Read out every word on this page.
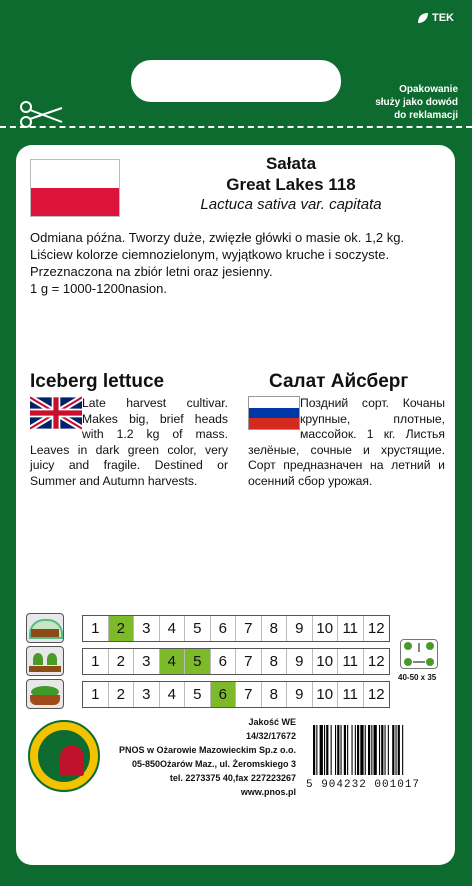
TEK
Opakowanie
służy jako dowód
do reklamacji
Sałata
Great Lakes 118
Lactuca sativa var. capitata
Odmiana późna. Tworzy duże, zwięzłe główki o masie ok. 1,2 kg. Liściew kolorze ciemnozielonym, wyjątkowo kruche i soczyste. Przeznaczona na zbiór letni oraz jesienny.
1 g = 1000-1200nasion.
Iceberg lettuce	Салат Айсберг
Late harvest cultivar. Makes big, brief heads with 1.2 kg of mass. Leaves in dark green color, very juicy and fragile. Destined or Summer and Autumn harvests.
Поздний сорт. Кочаны крупные, плотные, массойок. 1 кг. Листья зелёные, сочные и хрустящие. Сорт предназначен на летний и осенний сбор урожая.
1	2	3	4	5	6	7	8	9 10 11 12
1	2	3	4	5	6	7	8	9 10 11 12
1	2	3	4	5	6	7	8	9 10 11 12
40-50 x 35
Jakość WE
14/32/17672
PNOS w Ożarowie Mazowieckim Sp.z o.o.
05-850Ożarów Maz., ul. Żeromskiego 3
tel. 2273375 40,fax 227223267
www.pnos.pl
5 904232 001017
